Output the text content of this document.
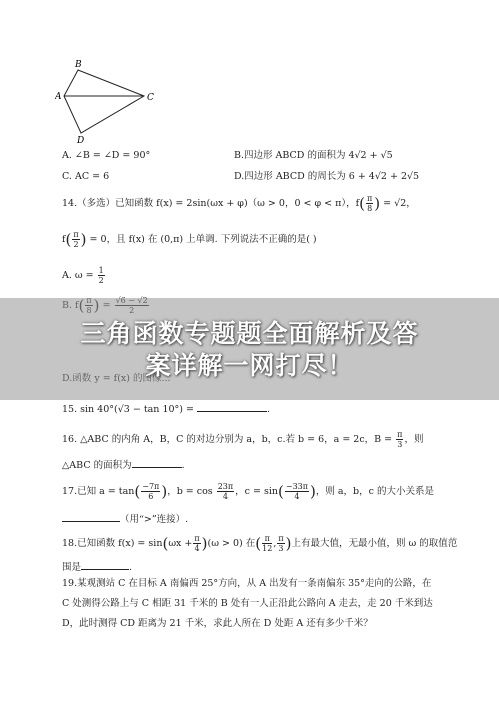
B
A	C
D
A. ∠B = ∠D = 90°	B.四边形 ABCD 的面积为 4√2 + √5
C. AC = 6	D.四边形 ABCD 的周长为 6 + 4√2 + 2√5
14.（多选）已知函数 f(x) = 2sin(ωx + φ)（ω > 0，0 < φ < π），$f( \frac{\pi}{8}$ ) = √2，
$f( \frac{\pi}{2}$ ) = 0，且 f(x) 在 (0,π) 上单调. 下列说法不正确的是( )
A. $\omega = \frac{1}{2}$

15. sin 40°(√3 − tan 10°) =	.
16. △ABC 的内角 A，B，C 的对边分别为 a，b，c.若 b = 6，a = 2c，$B = \frac{\pi}{3}$ ，则
△ABC 的面积为	.
17.已知 $a = \tan( \frac{-7\pi}{6}$ )，$b = \cos \frac{23\pi}{4}$ ，$c = \sin( \frac{-33\pi}{4}$ )，则 a，b，c 的大小关系是
（用“>”连接）.
18.已知函数 $f(x) = \sin(\omega x + \frac{\pi}{4} )(\omega > 0)$ 在( $\frac{\pi}{12}$ , $\frac{\pi}{3}$ )上有最大值，无最小值，则 ω 的取值范
围是	.
19.某观测站 C 在目标 A 南偏西 25°方向，从 A 出发有一条南偏东 35°走向的公路，在
C 处测得公路上与 C 相距 31 千米的 B 处有一人正沿此公路向 A 走去，走 20 千米到达
D，此时测得 CD 距离为 21 千米，求此人所在 D 处距 A 还有多少千米？
三角函数专题题全面解析及答
案详解一网打尽！
